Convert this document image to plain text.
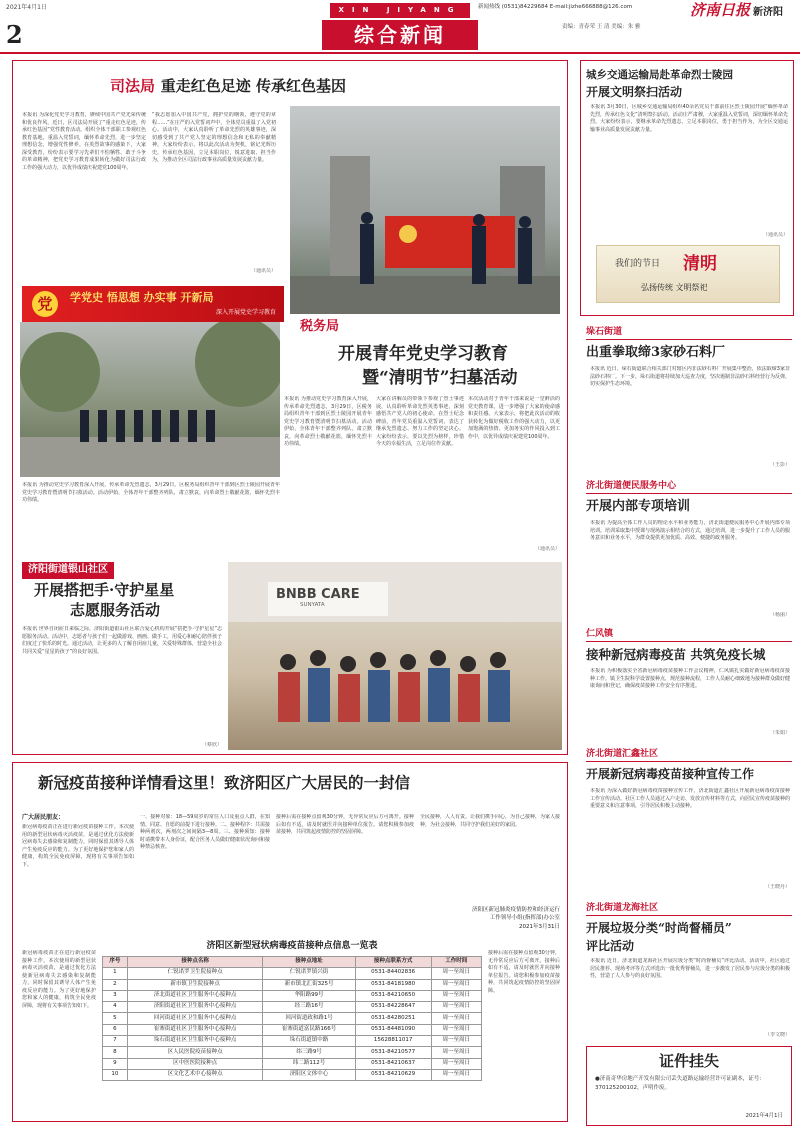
2021年4月1日
2
XIN JIYANG	新闻热线 (0531)84229684 E-mail:jizhe666888@126.com	济南日报 新济阳
综合新闻	责编：青春荣 王 清 美编：朱 雅
司法局 重走红色足迹 传承红色基因
本报讯 为深化党史学习教育，赓续中国共产党光荣传统和优良作风，近日，区司法局开展了“重走红色足迹，传承红色基因”党性教育活动。组织全体干部职工参观红色教育基地，重温入党誓词，缅怀革命先烈，进一步坚定理想信念，增强党性修养。在英烈故事的感染下，大家深受教育，纷纷表示要学习先辈们不怕牺牲、敢于斗争的革命精神，把党史学习教育成果转化为做好司法行政工作的强大动力，以优异成绩庆祝建党100周年。
“我志愿加入中国共产党，拥护党的纲领，遵守党的章程……”在庄严的入党誓词声中，全体党员重温了入党初心。活动中，大家认真聆听了革命先烈的英雄事迹，深切感受到了共产党人坚定的理想信念和无私的奉献精神。大家纷纷表示，将以此次活动为契机，铭记光辉历史，传承红色基因，立足本职岗位，锐意进取、担当作为，为推动全区司法行政事业高质量发展贡献力量。
（通讯员）
党	学党史 悟思想 办实事 开新局
深入开展党史学习教育
税务局
开展青年党史学习教育
暨“清明节”扫墓活动
本报讯 为推动党史学习教育深入开展，传承革命先烈遗志，3月29日，区税务局组织青年干部到区烈士陵园开展青年党史学习教育暨清明节扫墓活动。活动伊始，全体青年干部整齐列队，肃立默哀，向革命烈士敬献花篮，缅怀先烈丰功伟绩。
大家在讲解员的带领下参观了烈士事迹展，认真聆听革命先烈英勇事迹，深刻感悟共产党人的初心使命。在烈士纪念碑前，青年党员重温入党誓词，表达了继承先烈遗志、努力工作的坚定决心。大家纷纷表示，要以先烈为榜样，珍惜今天的幸福生活，立足岗位作贡献。
本次活动对于青年干部来说是一堂鲜活的党史教育课，进一步增强了大家的使命感和责任感。大家表示，将把此次活动的收获转化为做好税收工作的强大动力，以更加饱满的热情、更加务实的作风投入到工作中，以优异成绩庆祝建党100周年。
（通讯员）
本报讯 为推动党史学习教育深入开展，传承革命先烈遗志，3月29日，区税务局组织青年干部到区烈士陵园开展青年党史学习教育暨清明节扫墓活动。活动伊始，全体青年干部整齐列队，肃立默哀，向革命烈士敬献花篮，缅怀先烈丰功伟绩。
济阳街道银山社区
开展搭把手·守护星星
志愿服务活动
本报讯 世界自闭症日来临之际，济阳街道银山社区联合爱心机构开展“搭把手·守护星星”志愿服务活动。活动中，志愿者与孩子们一起做游戏、画画、做手工，用爱心和耐心陪伴孩子们度过了快乐的时光。通过活动，让更多的人了解自闭症儿童，关爱特殊群体，营造全社会共同关爱“星星的孩子”的良好氛围。
（蔡欣）
BNBB CARE
SUNYATA
新冠疫苗接种详情看这里！致济阳区广大居民的一封信
广大居民朋友：
新冠病毒疫苗正在进行新冠疫苗接种工作。本次使用的新型冠状病毒灭活疫苗，是通过优化方法使新冠病毒失去感染和复制能力，同时保留其诱导人体产生免疫反应的能力。为了更好地保护您和家人的健康，构筑全民免疫屏障，现将有关事项告知如下。
一、接种对象：18—59周岁的常住人口及重点人群，在知情、同意、自愿的前提下进行接种。二、接种程序：共需接种两剂次，两剂次之间间隔3—8周。三、接种须知：接种时请携带本人身份证，配合医务人员做好健康状况询问和接种禁忌核查。
接种后需在接种点留观30分钟，无异常反应后方可离开。接种后如有不适，请及时就医并向接种单位报告。请您积极参加疫苗接种，共同筑起疫情防控的坚固屏障。
全民接种，人人有责。让我们携手同心，为自己接种，为家人接种，为社会接种，共同守护我们美好的家园。
济阳区新冠肺炎疫情防控和经济运行
工作领导小组(指挥部)办公室
2021年3月31日
新冠病毒疫苗正在进行新冠疫苗接种工作。本次使用的新型冠状病毒灭活疫苗，是通过优化方法使新冠病毒失去感染和复制能力，同时保留其诱导人体产生免疫反应的能力。为了更好地保护您和家人的健康，构筑全民免疫屏障，现将有关事项告知如下。
接种后需在接种点留观30分钟，无异常反应后方可离开。接种后如有不适，请及时就医并向接种单位报告。请您积极参加疫苗接种，共同筑起疫情防控的坚固屏障。
济阳区新型冠状病毒疫苗接种点信息一览表
序号	接种点名称	接种点地址	接种点联系方式	工作时间
1	仁锐诺罗卫生院接种点	仁锐诺罗镇兴街	0531-84402836	周一至周日
2	新市镇卫生院接种点	新市镇北汇街325号	0531-84181980	周一至周日
3	济北街道社区卫生服务中心接种点	华阳路99号	0531-84210650	周一至周日
4	济阳街道社区卫生服务中心接种点	经三路16号	0531-84228647	周一至周日
5	回河街道社区卫生服务中心接种点	回河街道政和路1号	0531-84280251	周一至周日
6	崔寨街道社区卫生服务中心接种点	崔寨街道富民路166号	0531-84481090	周一至周日
7	垛石街道社区卫生服务中心接种点	垛石街道镇中路	15628811017	周一至周日
8	区人民医院疫苗接种点	纬三路9号	0531-84210577	周一至周日
9	区中医医院接种点	纬二路112号	0531-84210637	周一至周日
10	区文化艺术中心接种点	济阳区文体中心	0531-84210629	周一至周日
城乡交通运输局赴革命烈士陵园
开展文明祭扫活动
本报讯 3月30日，区城乡交通运输局组织40余名党员干部前往区烈士陵园开展“缅怀革命先烈，传承红色文化”清明祭扫活动。活动庄严肃穆，大家重温入党誓词，深切缅怀革命先烈。大家纷纷表示，要继承革命先烈遗志，立足本职岗位，勇于担当作为，为全区交通运输事业高质量发展贡献力量。
（通讯员）
我们的节日 清明
弘扬传统 文明祭祀
垛石街道
出重拳取缔3家砂石料厂
本报讯 近日，垛石街道联合相关部门对辖区内非法砂石料厂开展集中整治，依法取缔3家非法砂石料厂。下一步，垛石街道将持续加大巡查力度，坚决遏制非法砂石料经营行为反弹，切实保护生态环境。
（王彭）
济北街道便民服务中心
开展内部专项培训
本报讯 为提高全体工作人员的理论水平和业务能力，济北街道便民服务中心开展内部专项培训。培训采取集中授课与现场演示相结合的方式，通过培训，进一步提升了工作人员的服务意识和业务水平，为群众提供更加优质、高效、便捷的政务服务。
（杨丽）
仁风镇
接种新冠病毒疫苗 共筑免疫长城
本报讯 为积极落实全省新冠病毒疫苗接种工作会议精神，仁风镇扎实做好新冠病毒疫苗接种工作。镇卫生院科学设置接种点，规范接种流程，工作人员耐心细致地为接种群众做好健康询问和登记，确保疫苗接种工作安全有序推进。
（朱娟）
济北街道汇鑫社区
开展新冠病毒疫苗接种宣传工作
本报讯 为深入做好新冠病毒疫苗接种宣传工作，济北街道汇鑫社区开展新冠病毒疫苗接种工作宣传活动。社区工作人员通过入户走访、发放宣传材料等方式，向居民宣传疫苗接种的重要意义和注意事项，引导居民积极主动接种。
（王晓丹）
济北街道龙海社区
开展垃圾分类“时尚督桶员”
评比活动
本报讯 近日，济北街道龙海社区开展垃圾分类“时尚督桶员”评比活动。活动中，社区通过居民推荐、现场考评等方式评选出一批优秀督桶员，进一步激发了居民参与垃圾分类的积极性，营造了人人参与的良好氛围。
（李文晓）
证件挂失
●济南奇华房地产开发有限公司丢失道路运输经营许可证副本，证号：370125200102，声明作废。
2021年4月1日
